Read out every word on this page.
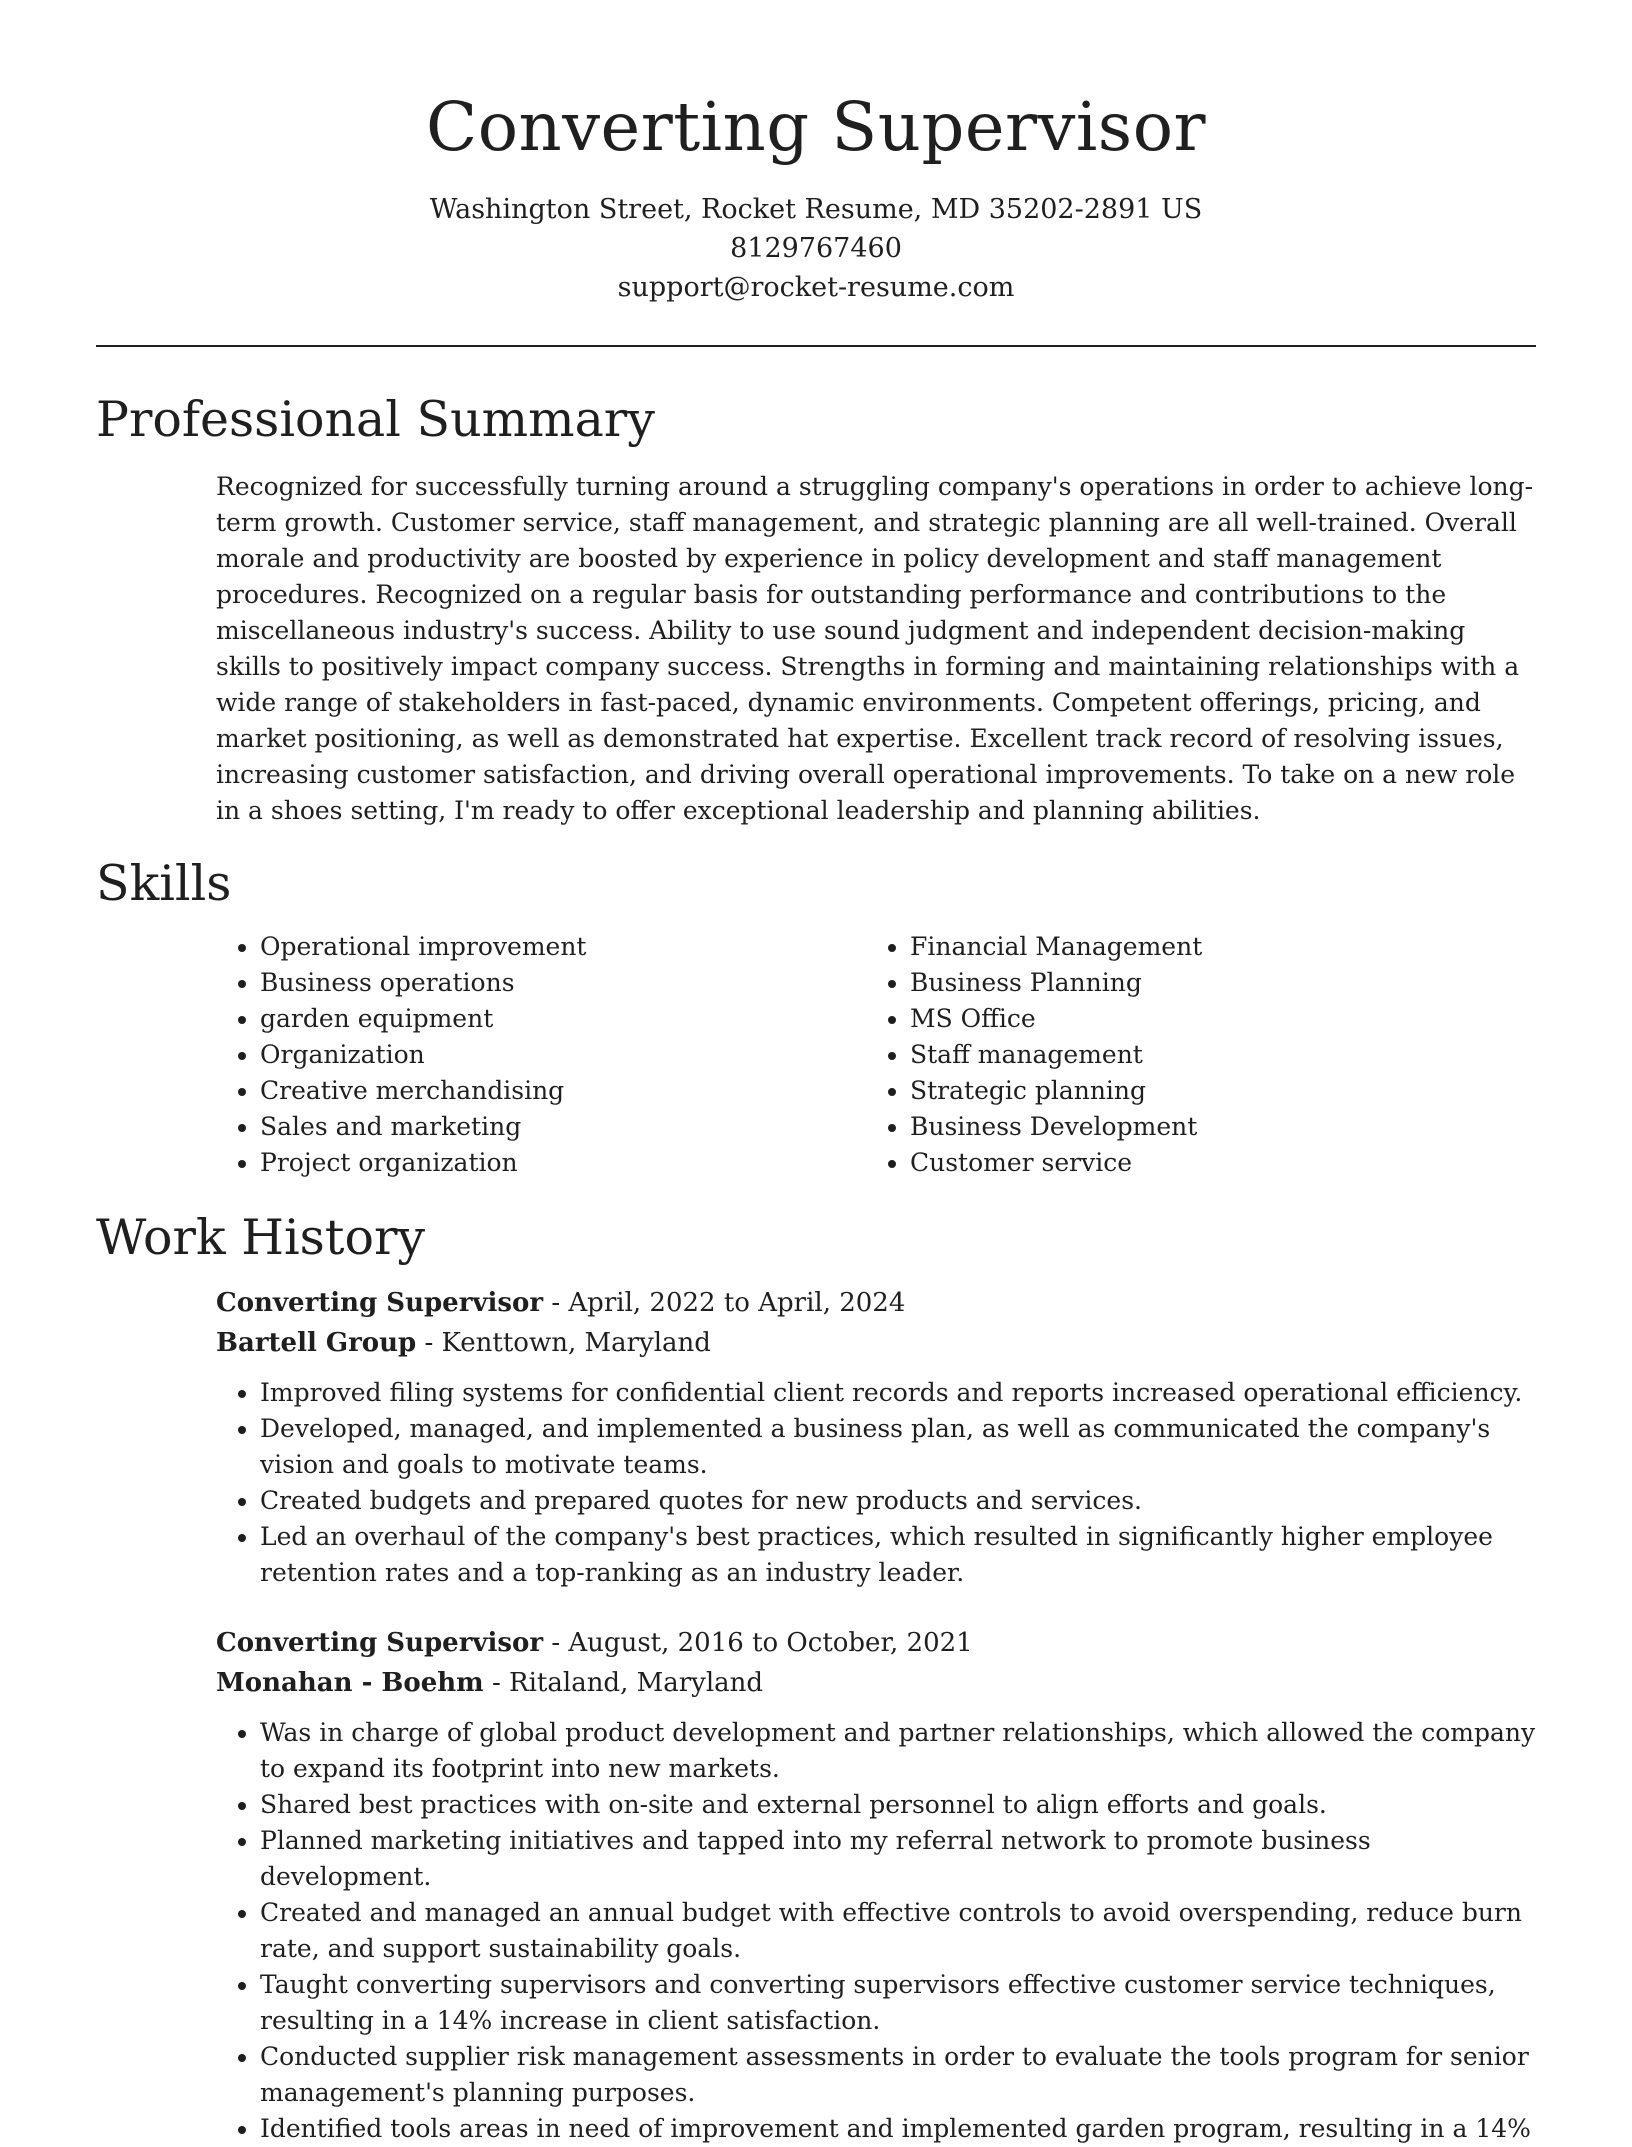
Converting Supervisor

Washington Street, Rocket Resume, MD 35202-2891 US

8129767460

support@rocket-resume.com

Professional Summary

Recognized for successfully turning around a struggling company's operations in order to achieve long-term growth. Customer service, staff management, and strategic planning are all well-trained. Overall morale and productivity are boosted by experience in policy development and staff management procedures. Recognized on a regular basis for outstanding performance and contributions to the miscellaneous industry's success. Ability to use sound judgment and independent decision-making skills to positively impact company success. Strengths in forming and maintaining relationships with a wide range of stakeholders in fast-paced, dynamic environments. Competent offerings, pricing, and market positioning, as well as demonstrated hat expertise. Excellent track record of resolving issues, increasing customer satisfaction, and driving overall operational improvements. To take on a new role in a shoes setting, I'm ready to offer exceptional leadership and planning abilities.

Skills
• Operational improvement
• Business operations
• garden equipment
• Organization
• Creative merchandising
• Sales and marketing
• Project organization
• Financial Management
• Business Planning
• MS Office
• Staff management
• Strategic planning
• Business Development
• Customer service
Work History

Converting Supervisor - April, 2022 to April, 2024

Bartell Group - Kenttown, Maryland

• Improved filing systems for confidential client records and reports increased operational efficiency.
• Developed, managed, and implemented a business plan, as well as communicated the company's vision and goals to motivate teams.
• Created budgets and prepared quotes for new products and services.
• Led an overhaul of the company's best practices, which resulted in significantly higher employee retention rates and a top-ranking as an industry leader.

Converting Supervisor - August, 2016 to October, 2021

Monahan - Boehm - Ritaland, Maryland

• Was in charge of global product development and partner relationships, which allowed the company to expand its footprint into new markets.
• Shared best practices with on-site and external personnel to align efforts and goals.
• Planned marketing initiatives and tapped into my referral network to promote business development.
• Created and managed an annual budget with effective controls to avoid overspending, reduce burn rate, and support sustainability goals.
• Taught converting supervisors and converting supervisors effective customer service techniques, resulting in a 14% increase in client satisfaction.
• Conducted supplier risk management assessments in order to evaluate the tools program for senior management's planning purposes.
• Identified tools areas in need of improvement and implemented garden program, resulting in a 14%
